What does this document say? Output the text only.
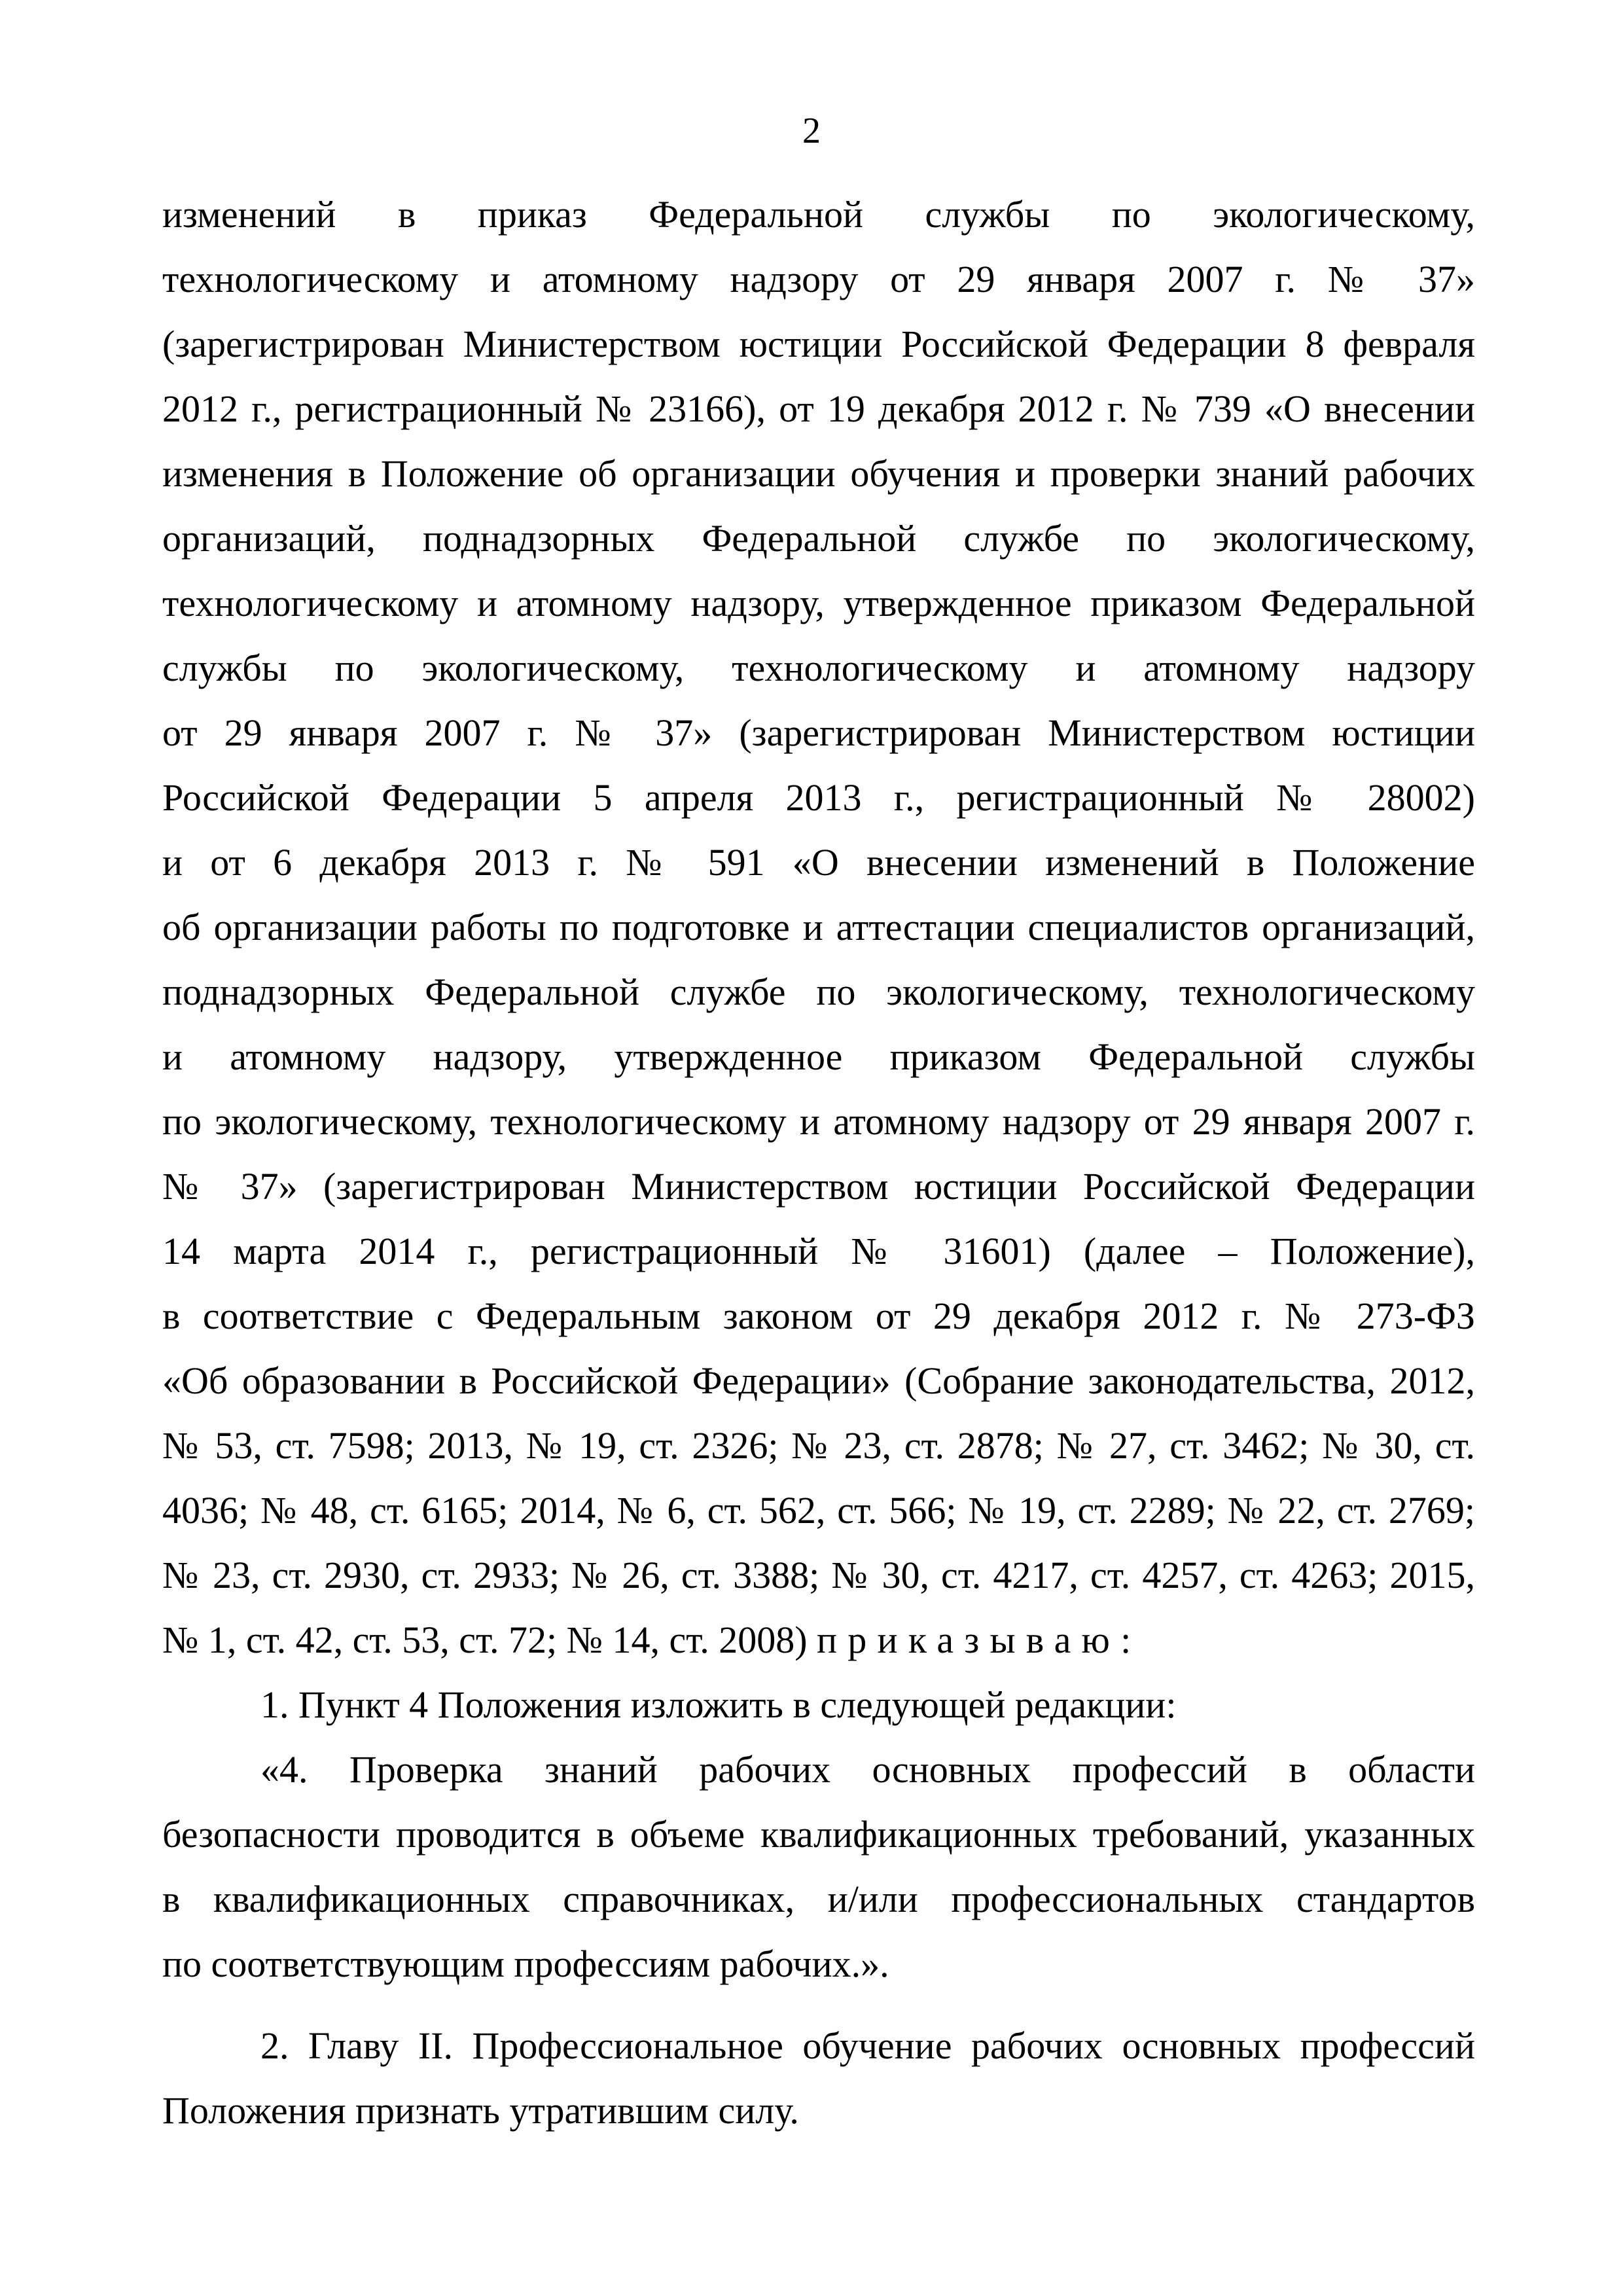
2
изменений в приказ Федеральной службы по экологическому,
технологическому и атомному надзору от 29 января 2007 г. № 37»
(зарегистрирован Министерством юстиции Российской Федерации 8 февраля
2012 г., регистрационный № 23166), от 19 декабря 2012 г. № 739 «О внесении
изменения в Положение об организации обучения и проверки знаний рабочих
организаций, поднадзорных Федеральной службе по экологическому,
технологическому и атомному надзору, утвержденное приказом Федеральной
службы по экологическому, технологическому и атомному надзору
от 29 января 2007 г. № 37» (зарегистрирован Министерством юстиции
Российской Федерации 5 апреля 2013 г., регистрационный № 28002)
и от 6 декабря 2013 г. № 591 «О внесении изменений в Положение
об организации работы по подготовке и аттестации специалистов организаций,
поднадзорных Федеральной службе по экологическому, технологическому
и атомному надзору, утвержденное приказом Федеральной службы
по экологическому, технологическому и атомному надзору от 29 января 2007 г.
№ 37» (зарегистрирован Министерством юстиции Российской Федерации
14 марта 2014 г., регистрационный № 31601) (далее – Положение),
в соответствие с Федеральным законом от 29 декабря 2012 г. № 273-ФЗ
«Об образовании в Российской Федерации» (Собрание законодательства, 2012,
№ 53, ст. 7598; 2013, № 19, ст. 2326; № 23, ст. 2878; № 27, ст. 3462; № 30, ст.
4036; № 48, ст. 6165; 2014, № 6, ст. 562, ст. 566; № 19, ст. 2289; № 22, ст. 2769;
№ 23, ст. 2930, ст. 2933; № 26, ст. 3388; № 30, ст. 4217, ст. 4257, ст. 4263; 2015,
№ 1, ст. 42, ст. 53, ст. 72; № 14, ст. 2008) приказываю:
1. Пункт 4 Положения изложить в следующей редакции:
«4. Проверка знаний рабочих основных профессий в области
безопасности проводится в объеме квалификационных требований, указанных
в квалификационных справочниках, и/или профессиональных стандартов
по соответствующим профессиям рабочих.».
2. Главу II. Профессиональное обучение рабочих основных профессий
Положения признать утратившим силу.
